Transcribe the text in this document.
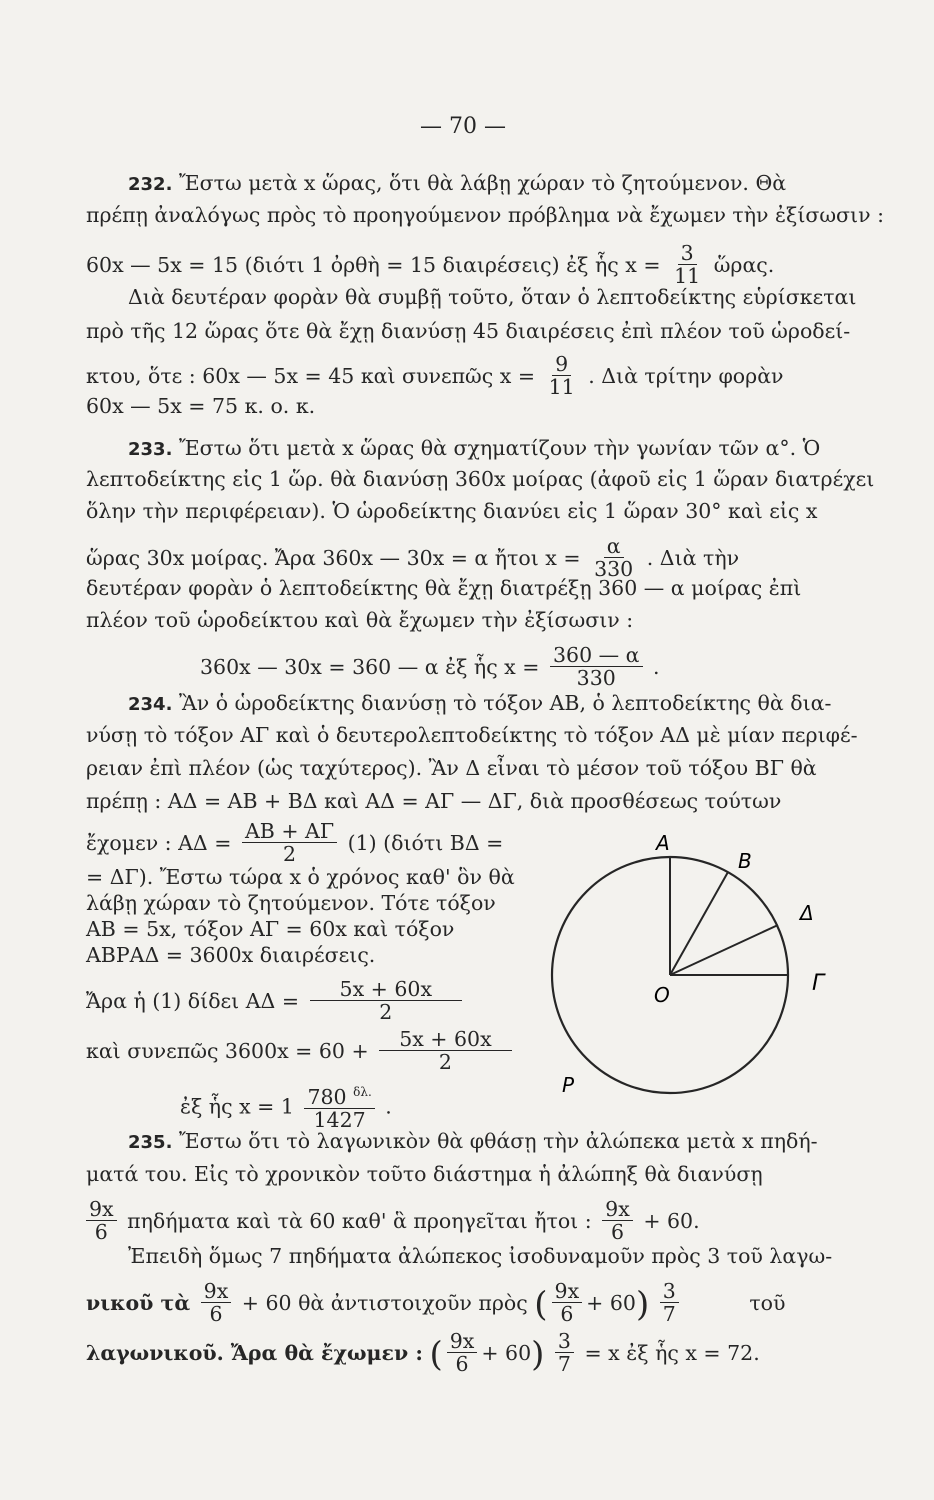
— 70 —
232. Ἔστω μετὰ x ὥρας, ὅτι θὰ λάβῃ χώραν τὸ ζητούμενον. Θὰ
πρέπῃ ἀναλόγως πρὸς τὸ προηγούμενον πρόβλημα νὰ ἔχωμεν τὴν ἐξίσωσιν :
60x — 5x = 15 (διότι 1 ὀρθὴ = 15 διαιρέσεις) ἐξ ἧς $x = \frac{3}{11}$ ὥρας.
Διὰ δευτέραν φορὰν θὰ συμβῇ τοῦτο, ὅταν ὁ λεπτοδείκτης εὑρίσκεται
πρὸ τῆς 12 ὥρας ὅτε θὰ ἔχῃ διανύσῃ 45 διαιρέσεις ἐπὶ πλέον τοῦ ὡροδεί-
κτου, ὅτε : 60x — 5x = 45 καὶ συνεπῶς $x = \frac{9}{11}$ . Διὰ τρίτην φορὰν
60x — 5x = 75 κ. ο. κ.
233. Ἔστω ὅτι μετὰ x ὥρας θὰ σχηματίζουν τὴν γωνίαν τῶν α°. Ὁ
λεπτοδείκτης εἰς 1 ὥρ. θὰ διανύσῃ 360x μοίρας (ἀφοῦ εἰς 1 ὥραν διατρέχει
ὅλην τὴν περιφέρειαν). Ὁ ὡροδείκτης διανύει εἰς 1 ὥραν 30° καὶ εἰς x
ὥρας 30x μοίρας. Ἄρα 360x — 30x = α ἤτοι $x = \frac{\alpha}{330}$ . Διὰ τὴν
δευτέραν φορὰν ὁ λεπτοδείκτης θὰ ἔχῃ διατρέξῃ 360 — α μοίρας ἐπὶ
πλέον τοῦ ὡροδείκτου καὶ θὰ ἔχωμεν τὴν ἐξίσωσιν :
360x — 30x = 360 — α ἐξ ἧς $x = \frac{360 — \alpha}{330}$ .
234. Ἂν ὁ ὡροδείκτης διανύσῃ τὸ τόξον ΑΒ, ὁ λεπτοδείκτης θὰ δια-
νύσῃ τὸ τόξον ΑΓ καὶ ὁ δευτερολεπτοδείκτης τὸ τόξον ΑΔ μὲ μίαν περιφέ-
ρειαν ἐπὶ πλέον (ὡς ταχύτερος). Ἂν Δ εἶναι τὸ μέσον τοῦ τόξου ΒΓ θὰ
πρέπῃ : ΑΔ = ΑΒ + ΒΔ καὶ ΑΔ = ΑΓ — ΔΓ, διὰ προσθέσεως τούτων
ἔχομεν : $A\Delta = \frac{AB + A\Gamma}{2} (1)$ (διότι ΒΔ =
= ΔΓ). Ἔστω τώρα x ὁ χρόνος καθ' ὃν θὰ
λάβῃ χώραν τὸ ζητούμενον. Τότε τόξον
ΑΒ = 5x, τόξον ΑΓ = 60x καὶ τόξον
ΑΒΡΑΔ = 3600x διαιρέσεις.
Ἄρα ἡ (1) δίδει $A\Delta = \frac{5x + 60x}{2}$
καὶ συνεπῶς $3600x = 60 + \frac{5x + 60x}{2}$
ἐξ ἧς $x = 1 \frac{780 ^{\delta\lambda.}}{1427}$ .
A
B
Δ
Γ
O
P
235. Ἔστω ὅτι τὸ λαγωνικὸν θὰ φθάσῃ τὴν ἀλώπεκα μετὰ x πηδή-
ματά του. Εἰς τὸ χρονικὸν τοῦτο διάστημα ἡ ἀλώπηξ θὰ διανύσῃ
$\frac{9x}{6}$ πηδήματα καὶ τὰ 60 καθ' ἃ προηγεῖται ἤτοι : $\frac{9x}{6} + 60$.
Ἐπειδὴ ὅμως 7 πηδήματα ἀλώπεκος ἰσοδυναμοῦν πρὸς 3 τοῦ λαγω-
νικοῦ τὰ $\frac{9x}{6} + 60$ θὰ ἀντιστοιχοῦν πρὸς ( $\frac{9x}{6} + 60) \frac{3}{7}$	τοῦ
λαγωνικοῦ. Ἄρα θὰ ἔχωμεν : ( $\frac{9x}{6} + 60) \frac{3}{7} = x$ ἐξ ἧς x = 72.
